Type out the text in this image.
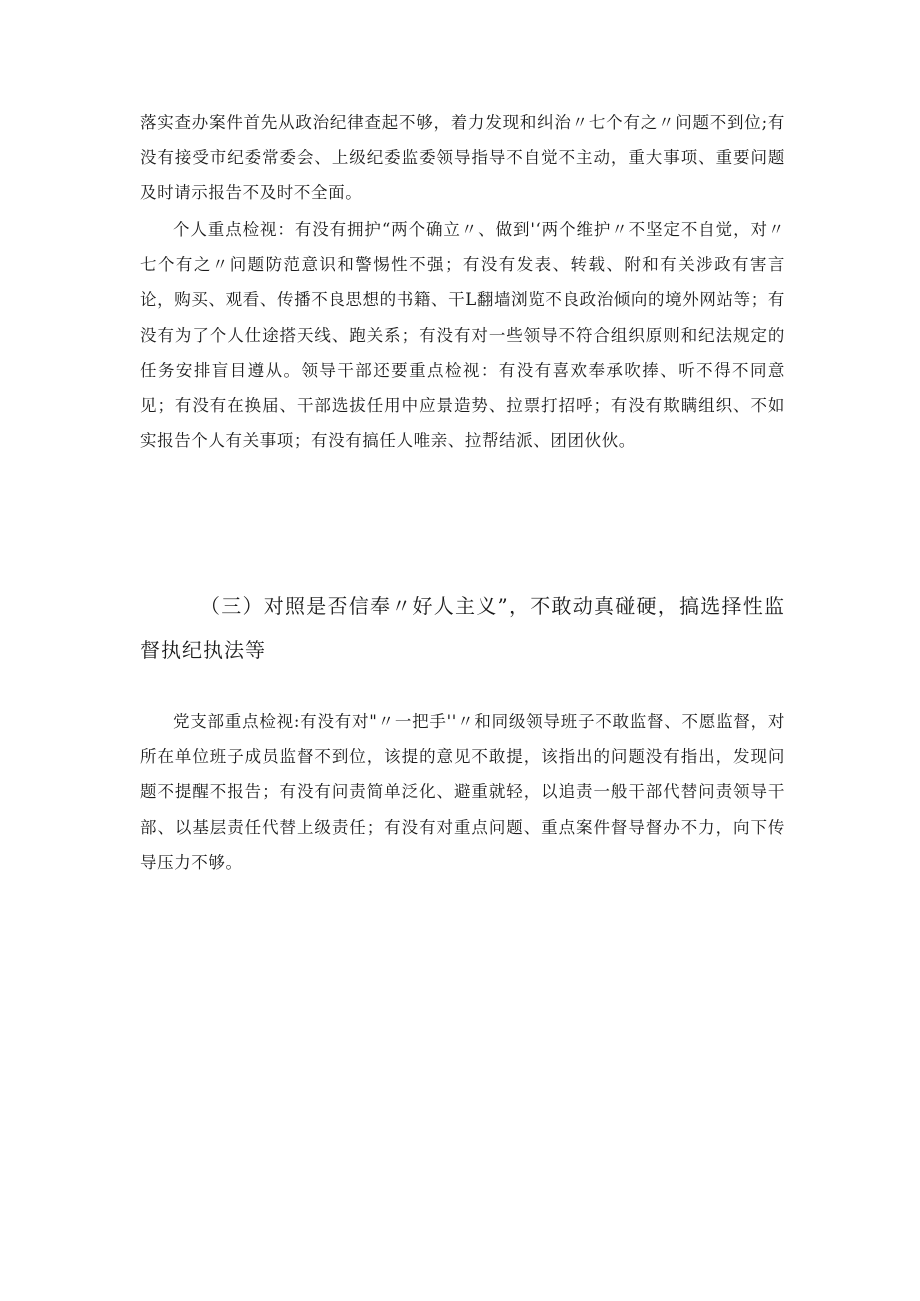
落实查办案件首先从政治纪律查起不够，着力发现和纠治〃七个有之〃问题不到位;有没有接受市纪委常委会、上级纪委监委领导指导不自觉不主动，重大事项、重要问题及时请示报告不及时不全面。

个人重点检视：有没有拥护“两个确立〃、做到'‘两个维护〃不坚定不自觉，对〃七个有之〃问题防范意识和警惕性不强；有没有发表、转载、附和有关涉政有害言论，购买、观看、传播不良思想的书籍、干L翻墙浏览不良政治倾向的境外网站等；有没有为了个人仕途搭天线、跑关系；有没有对一些领导不符合组织原则和纪法规定的任务安排盲目遵从。领导干部还要重点检视：有没有喜欢奉承吹捧、听不得不同意见；有没有在换届、干部选拔任用中应景造势、拉票打招呼；有没有欺瞒组织、不如实报告个人有关事项；有没有搞任人唯亲、拉帮结派、团团伙伙。

（三）对照是否信奉〃好人主义”，不敢动真碰硬，搞选择性监督执纪执法等

党支部重点检视:有没有对"〃一把手''〃和同级领导班子不敢监督、不愿监督，对所在单位班子成员监督不到位，该提的意见不敢提，该指出的问题没有指出，发现问题不提醒不报告；有没有问责简单泛化、避重就轻，以追责一般干部代替问责领导干部、以基层责任代替上级责任；有没有对重点问题、重点案件督导督办不力，向下传导压力不够。
